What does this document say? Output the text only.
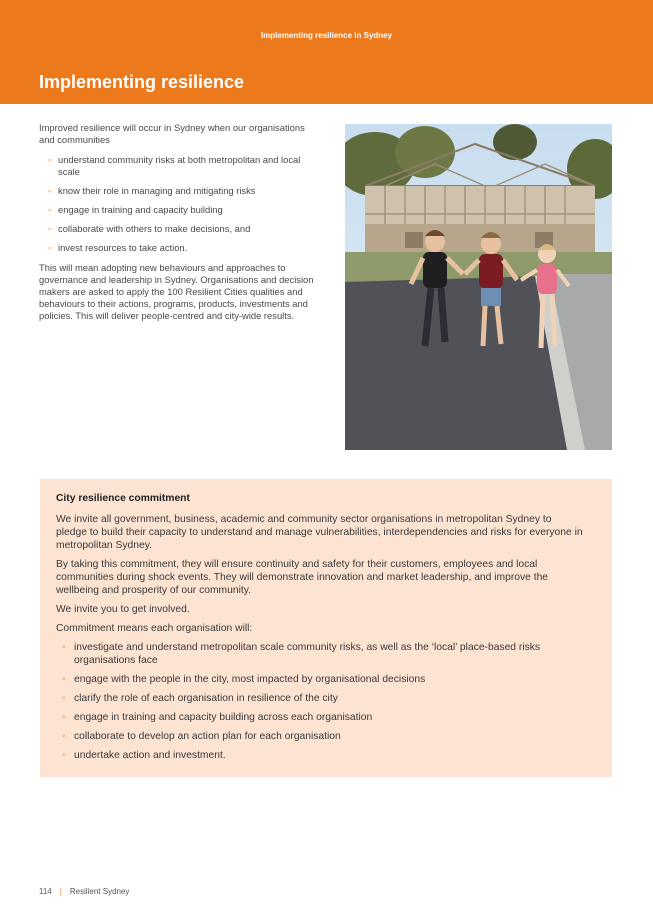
Implementing resilience in Sydney
Implementing resilience

Improved resilience will occur in Sydney when our organisations and communities

◦ understand community risks at both metropolitan and local scale
◦ know their role in managing and mitigating risks
◦ engage in training and capacity building
◦ collaborate with others to make decisions, and
◦ invest resources to take action.

This will mean adopting new behaviours and approaches to governance and leadership in Sydney. Organisations and decision makers are asked to apply the 100 Resilient Cities qualities and behaviours to their actions, programs, products, investments and policies. This will deliver people-centred and city-wide results.

City resilience commitment

We invite all government, business, academic and community sector organisations in metropolitan Sydney to pledge to build their capacity to understand and manage vulnerabilities, interdependencies and risks for everyone in metropolitan Sydney.

By taking this commitment, they will ensure continuity and safety for their customers, employees and local communities during shock events. They will demonstrate innovation and market leadership, and improve the wellbeing and prosperity of our community.

We invite you to get involved.

Commitment means each organisation will:

◦ investigate and understand metropolitan scale community risks, as well as the ‘local’ place-based risks organisations face
◦ engage with the people in the city, most impacted by organisational decisions
◦ clarify the role of each organisation in resilience of the city
◦ engage in training and capacity building across each organisation
◦ collaborate to develop an action plan for each organisation
◦ undertake action and investment.
114 | Resilient Sydney
